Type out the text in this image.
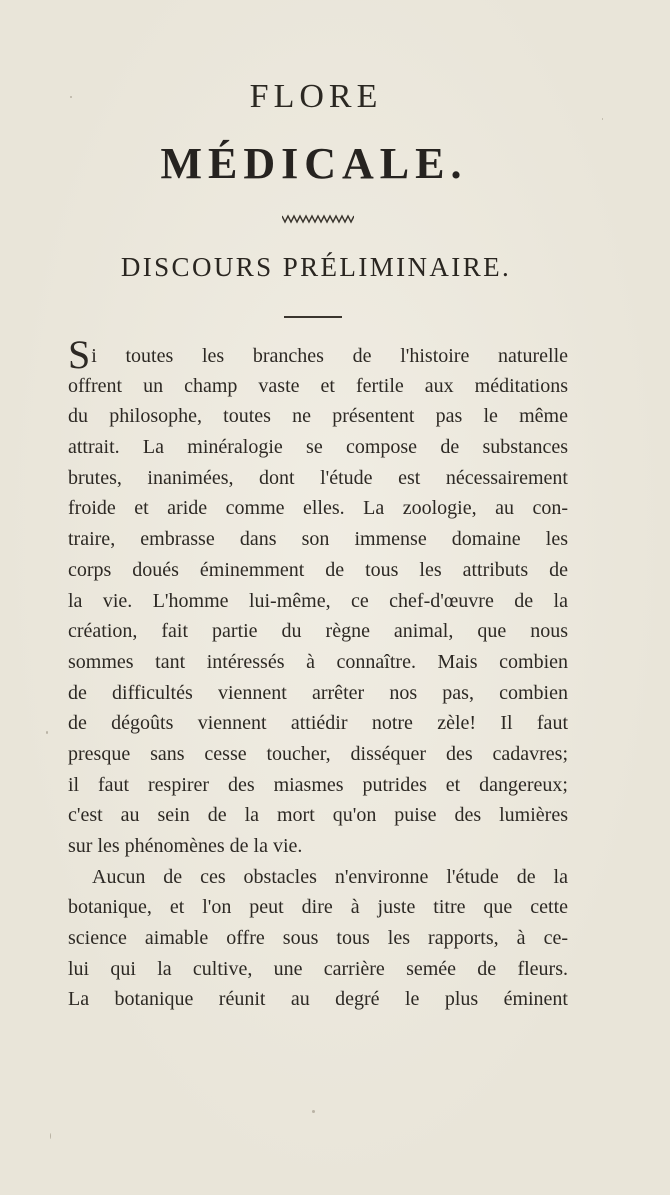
FLORE
MÉDICALE.
DISCOURS PRÉLIMINAIRE.
Si toutes les branches de l'histoire naturelle
offrent un champ vaste et fertile aux méditations
du philosophe, toutes ne présentent pas le même
attrait. La minéralogie se compose de substances
brutes, inanimées, dont l'étude est nécessairement
froide et aride comme elles. La zoologie, au con-
traire, embrasse dans son immense domaine les
corps doués éminemment de tous les attributs de
la vie. L'homme lui-même, ce chef-d'œuvre de la
création, fait partie du règne animal, que nous
sommes tant intéressés à connaître. Mais combien
de difficultés viennent arrêter nos pas, combien
de dégoûts viennent attiédir notre zèle! Il faut
presque sans cesse toucher, disséquer des cadavres;
il faut respirer des miasmes putrides et dangereux;
c'est au sein de la mort qu'on puise des lumières
sur les phénomènes de la vie.
Aucun de ces obstacles n'environne l'étude de la
botanique, et l'on peut dire à juste titre que cette
science aimable offre sous tous les rapports, à ce-
lui qui la cultive, une carrière semée de fleurs.
La botanique réunit au degré le plus éminent
